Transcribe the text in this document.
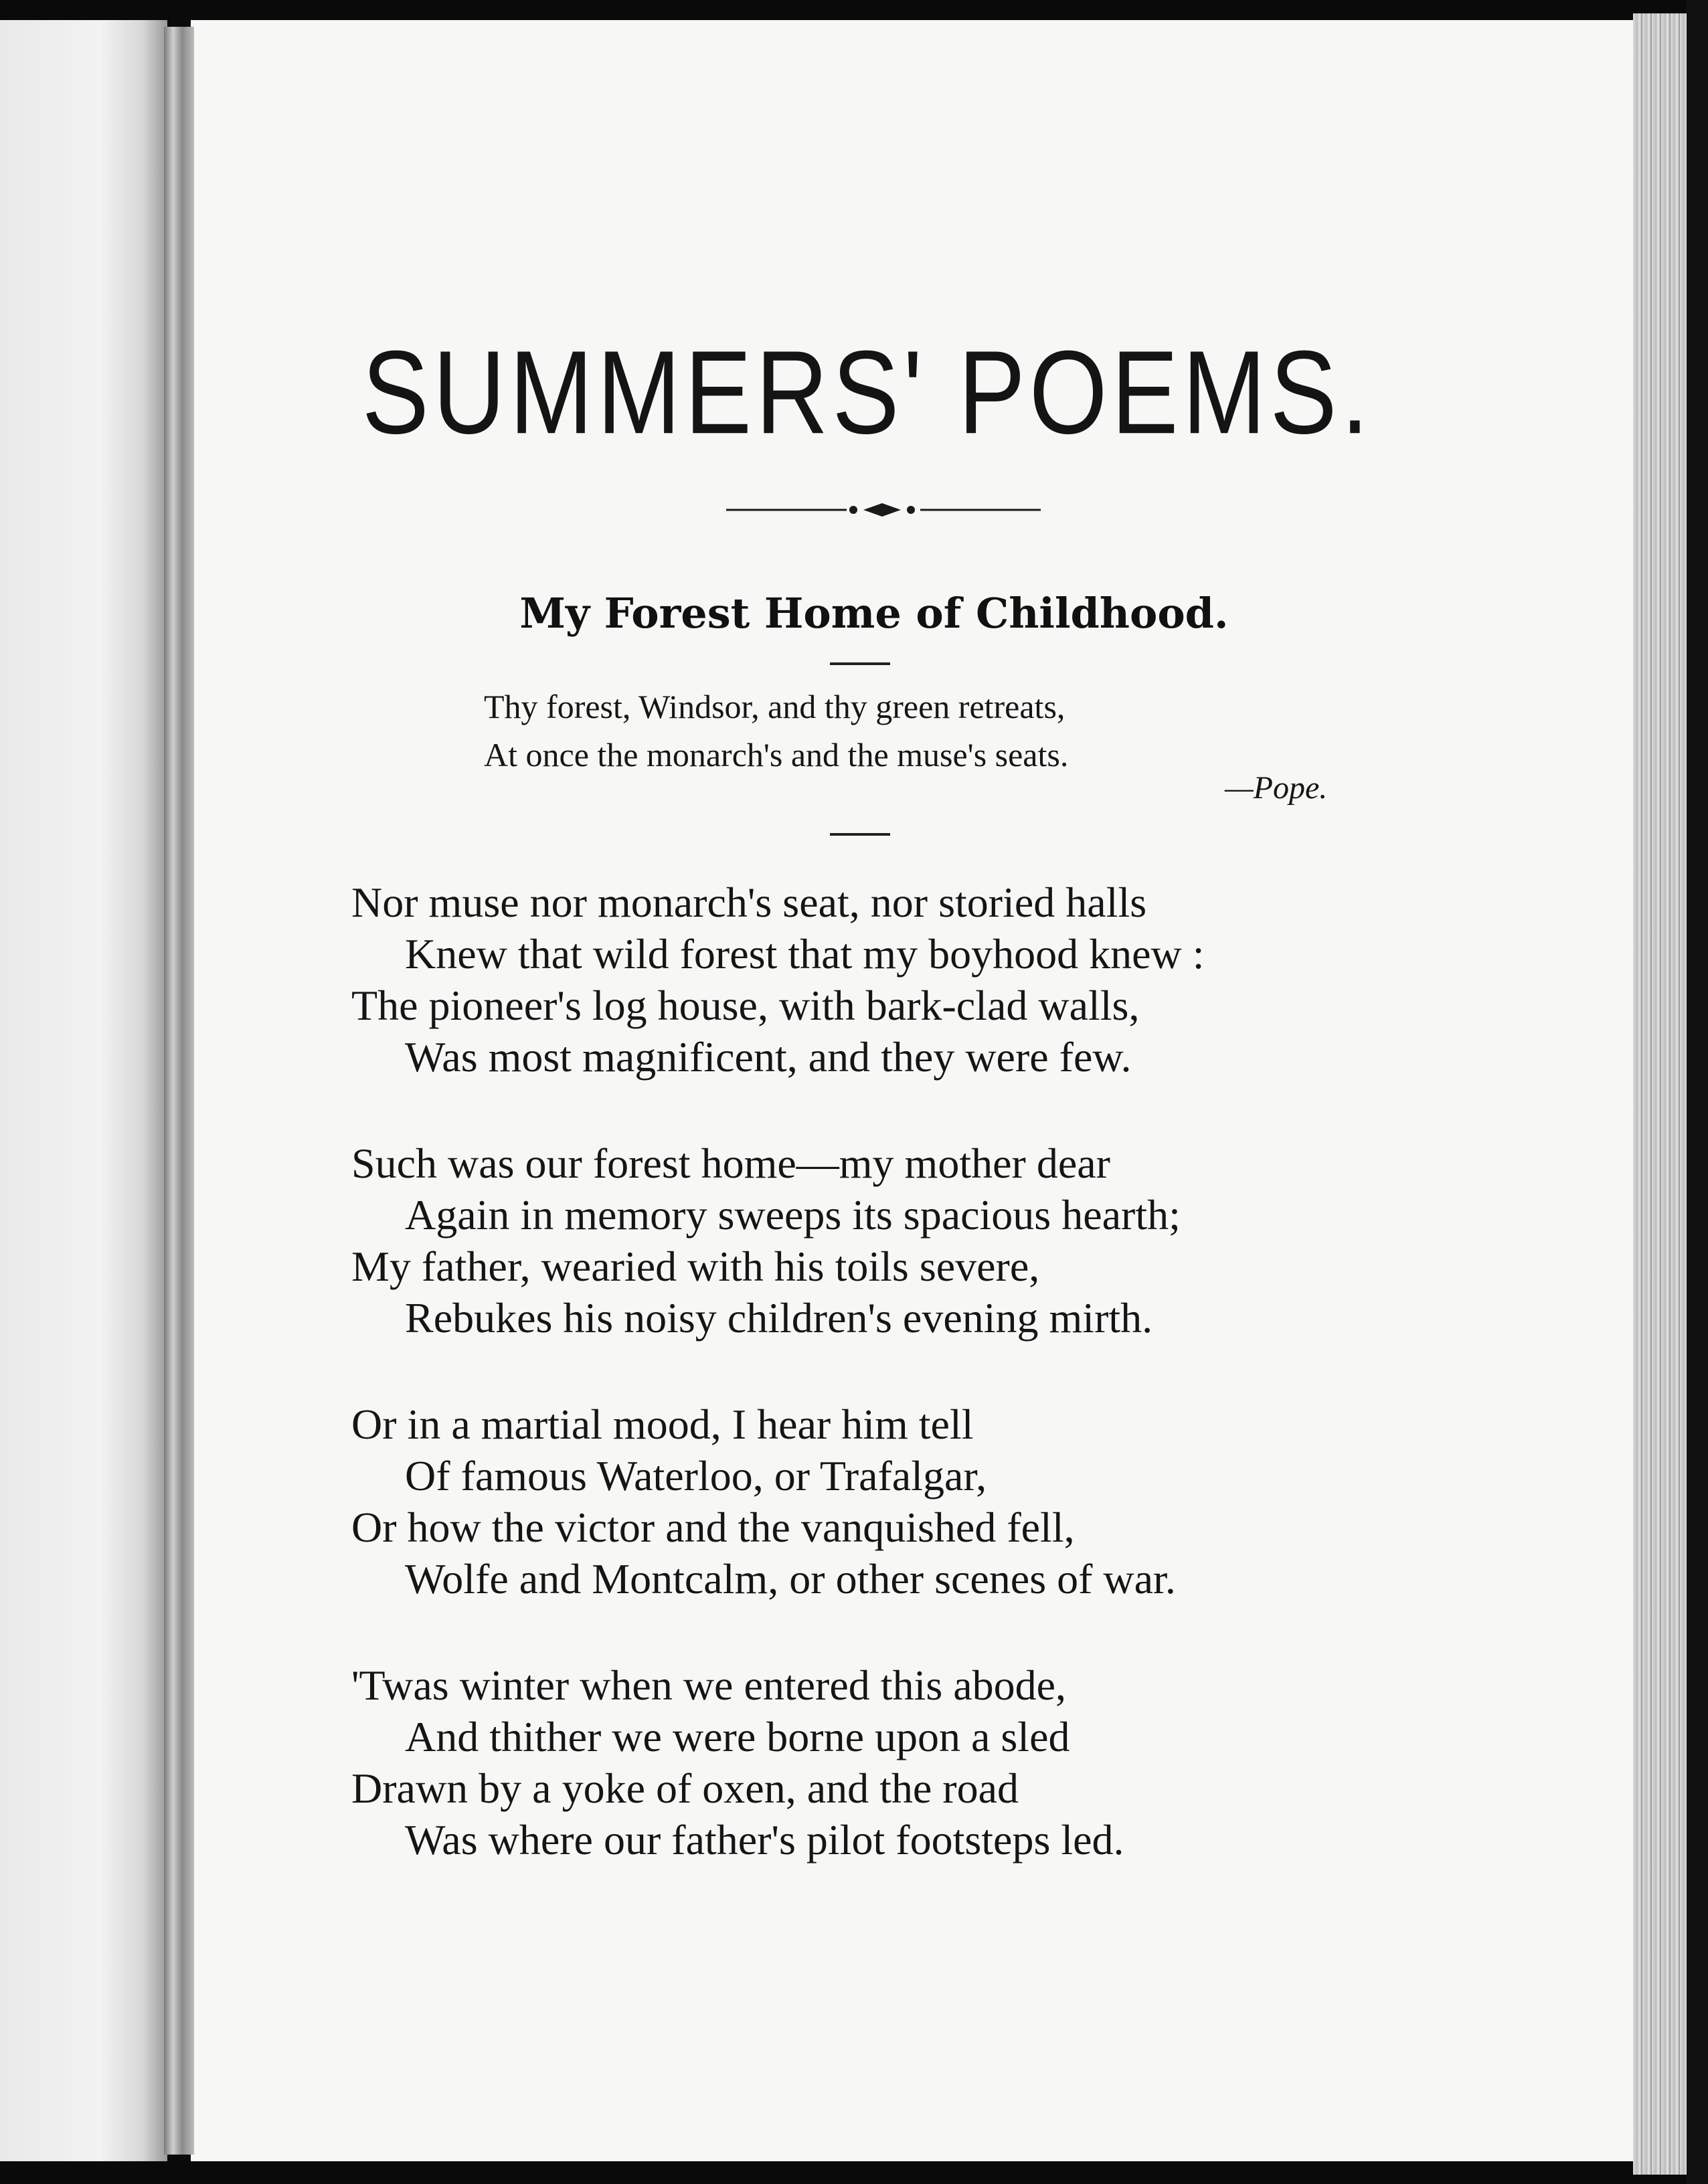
SUMMERS' POEMS.
My Forest Home of Childhood.
Thy forest, Windsor, and thy green retreats,
At once the monarch's and the muse's seats.
—Pope.
Nor muse nor monarch's seat, nor storied halls
Knew that wild forest that my boyhood knew :
The pioneer's log house, with bark-clad walls,
Was most magnificent, and they were few.
Such was our forest home—my mother dear
Again in memory sweeps its spacious hearth;
My father, wearied with his toils severe,
Rebukes his noisy children's evening mirth.
Or in a martial mood, I hear him tell
Of famous Waterloo, or Trafalgar,
Or how the victor and the vanquished fell,
Wolfe and Montcalm, or other scenes of war.
'Twas winter when we entered this abode,
And thither we were borne upon a sled
Drawn by a yoke of oxen, and the road
Was where our father's pilot footsteps led.
